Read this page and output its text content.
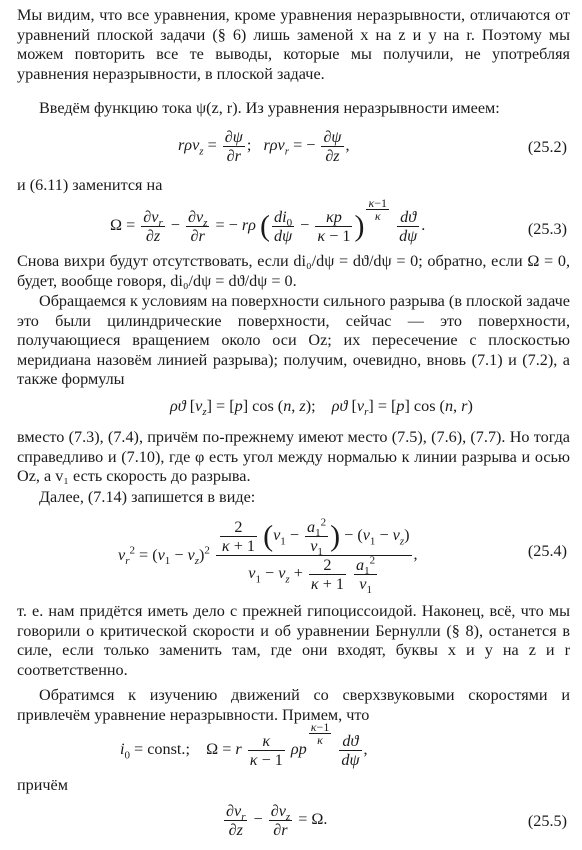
Мы видим, что все уравнения, кроме уравнения неразрывности, отличаются от уравнений плоской задачи (§ 6) лишь заменой x на z и y на r. Поэтому мы можем повторить все те выводы, которые мы получили, не употребляя уравнения неразрывности, в плоской задаче.

Введём функцию тока ψ(z, r). Из уравнения неразрывности имеем:

$r\rho v_z = \frac{\partial\psi}{\partial r}$ ;   rρv$_r$ = − $\frac{\partial\psi}{\partial z}$ ,	(25.2)

и (6.11) заменится на

$\Omega = \frac{\partial v_r}{\partial z} - \frac{\partial v_z}{\partial r}$ = − rρ ( $\frac{di_0}{d\psi} - \frac{\kappa p}{\kappa - 1}$ )
$^{\frac{\kappa-1}{\kappa}}$
$\frac{dϑ}{d\psi}$ .	(25.3)

Снова вихри будут отсутствовать, если di₀/dψ = dϑ/dψ = 0; обратно, если Ω = 0, будет, вообще говоря, di₀/dψ = dϑ/dψ = 0.

Обращаемся к условиям на поверхности сильного разрыва (в плоской задаче это были цилиндрические поверхности, сейчас — это поверхности, получающиеся вращением около оси Oz; их пересечение с плоскостью меридиана назовём линией разрыва); получим, очевидно, вновь (7.1) и (7.2), а также формулы

ρϑ $[v_z] = [p]$ cos (n, z);    ρϑ $[v_r] = [p]$ cos (n, r)

вместо (7.3), (7.4), причём по-прежнему имеют место (7.5), (7.6), (7.7). Но тогда справедливо и (7.10), где φ есть угол между нормалью к линии разрыва и осью Oz, а v₁ есть скорость до разрыва.

Далее, (7.14) запишется в виде:

$v_r^2 = (v_1 - v_z)^2 \frac{2}{\kappa + 1} (v_1 - \frac{a_1^2}{v_1}$ ) − $(v_1 - v_z)$
$v_1 - v_z + \frac{2}{\kappa + 1}$
$\frac{a_1^2}{v_1}$
,	(25.4)

т. е. нам придётся иметь дело с прежней гипоциссоидой. Наконец, всё, что мы говорили о критической скорости и об уравнении Бернулли (§ 8), останется в силе, если только заменить там, где они входят, буквы x и y на z и r соответственно.

Обратимся к изучению движений со сверхзвуковыми скоростями и привлечём уравнение неразрывности. Примем, что

$i_0$ = const.;    Ω = r $\frac{\kappa}{\kappa - 1}$ ρp
$^{\frac{\kappa-1}{\kappa}}$
$\frac{dϑ}{d\psi}$ ,

причём

$\frac{\partial v_r}{\partial z} - \frac{\partial v_z}{\partial r} = \Omega$.	(25.5)
